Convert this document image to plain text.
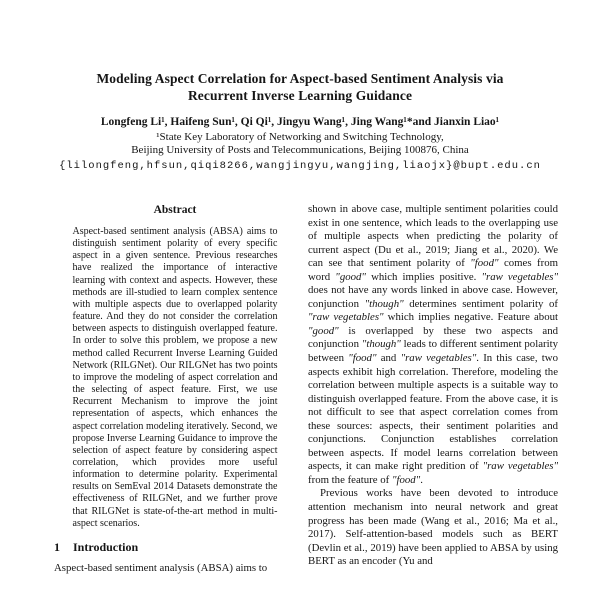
Modeling Aspect Correlation for Aspect-based Sentiment Analysis via
Recurrent Inverse Learning Guidance
Longfeng Li¹, Haifeng Sun¹, Qi Qi¹, Jingyu Wang¹, Jing Wang¹*and Jianxin Liao¹
¹State Key Laboratory of Networking and Switching Technology,
Beijing University of Posts and Telecommunications, Beijing 100876, China
{lilongfeng,hfsun,qiqi8266,wangjingyu,wangjing,liaojx}@bupt.edu.cn
Abstract

Aspect-based sentiment analysis (ABSA) aims to distinguish sentiment polarity of every specific aspect in a given sentence. Previous researches have realized the importance of interactive learning with context and aspects. However, these methods are ill-studied to learn complex sentence with multiple aspects due to overlapped polarity feature. And they do not consider the correlation between aspects to distinguish overlapped feature. In order to solve this problem, we propose a new method called Recurrent Inverse Learning Guided Network (RILGNet). Our RILGNet has two points to improve the modeling of aspect correlation and the selecting of aspect feature. First, we use Recurrent Mechanism to improve the joint representation of aspects, which enhances the aspect correlation modeling iteratively. Second, we propose Inverse Learning Guidance to improve the selection of aspect feature by considering aspect correlation, which provides more useful information to determine polarity. Experimental results on SemEval 2014 Datasets demonstrate the effectiveness of RILGNet, and we further prove that RILGNet is state-of-the-art method in multi-aspect scenarios.

1 Introduction

Aspect-based sentiment analysis (ABSA) aims to

shown in above case, multiple sentiment polarities could exist in one sentence, which leads to the overlapping use of multiple aspects when predicting the polarity of current aspect (Du et al., 2019; Jiang et al., 2020). We can see that sentiment polarity of "food" comes from word "good" which implies positive. "raw vegetables" does not have any words linked in above case. However, conjunction "though" determines sentiment polarity of "raw vegetables" which implies negative. Feature about "good" is overlapped by these two aspects and conjunction "though" leads to different sentiment polarity between "food" and "raw vegetables". In this case, two aspects exhibit high correlation. Therefore, modeling the correlation between multiple aspects is a suitable way to distinguish overlapped feature. From the above case, it is not difficult to see that aspect correlation comes from these sources: aspects, their sentiment polarities and conjunctions. Conjunction establishes correlation between aspects. If model learns correlation between aspects, it can make right predition of "raw vegetables" from the feature of "food".

Previous works have been devoted to introduce attention mechanism into neural network and great progress has been made (Wang et al., 2016; Ma et al., 2017). Self-attention-based models such as BERT (Devlin et al., 2019) have been applied to ABSA by using BERT as an encoder (Yu and
